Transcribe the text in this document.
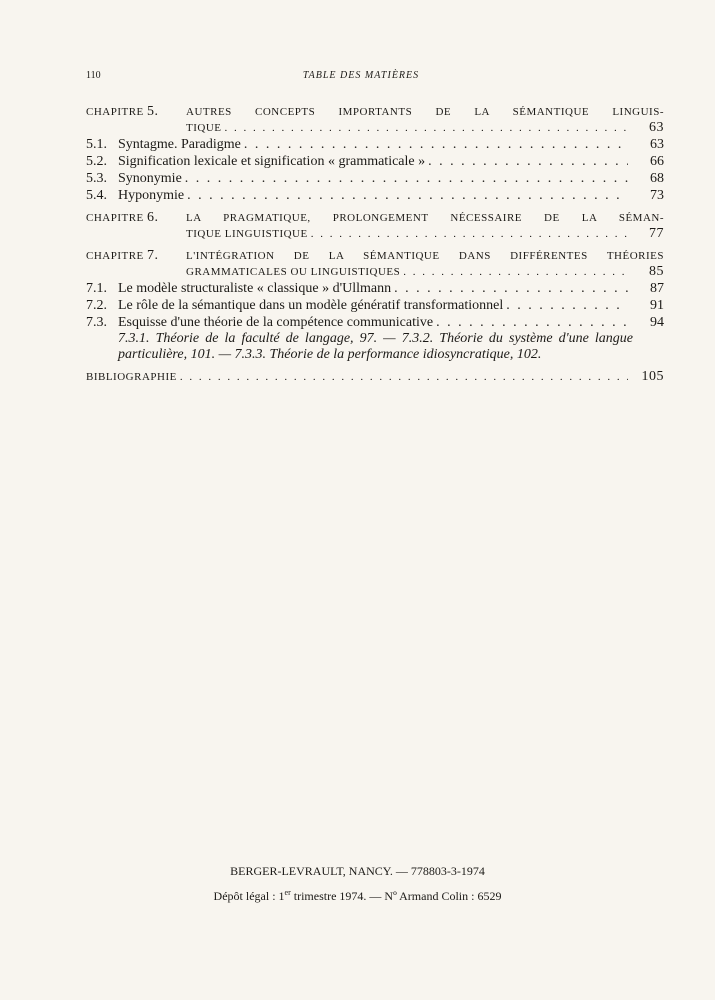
110	TABLE DES MATIÈRES
CHAPITRE 5.	AUTRES CONCEPTS IMPORTANTS DE LA SÉMANTIQUE LINGUIS-
TIQUE . . .	63
5.1. Syntagme. Paradigme . . .	63
5.2. Signification lexicale et signification « grammaticale » . . .	66
5.3. Synonymie . . .	68
5.4. Hyponymie . . .	73
CHAPITRE 6.	LA PRAGMATIQUE, PROLONGEMENT NÉCESSAIRE DE LA SÉMAN-
TIQUE LINGUISTIQUE . . .	77
CHAPITRE 7.	L'INTÉGRATION DE LA SÉMANTIQUE DANS DIFFÉRENTES THÉORIES
GRAMMATICALES OU LINGUISTIQUES . . .	85
7.1. Le modèle structuraliste « classique » d'Ullmann . . .	87
7.2. Le rôle de la sémantique dans un modèle génératif transformationnel . . .	91
7.3. Esquisse d'une théorie de la compétence communicative . . .	94
7.3.1. Théorie de la faculté de langage, 97. — 7.3.2. Théorie du système d'une langue particulière, 101. — 7.3.3. Théorie de la performance idiosyncratique, 102.
BIBLIOGRAPHIE . . .	105
BERGER-LEVRAULT, NANCY. — 778803-3-1974
Dépôt légal : 1er trimestre 1974. — Nº Armand Colin : 6529
